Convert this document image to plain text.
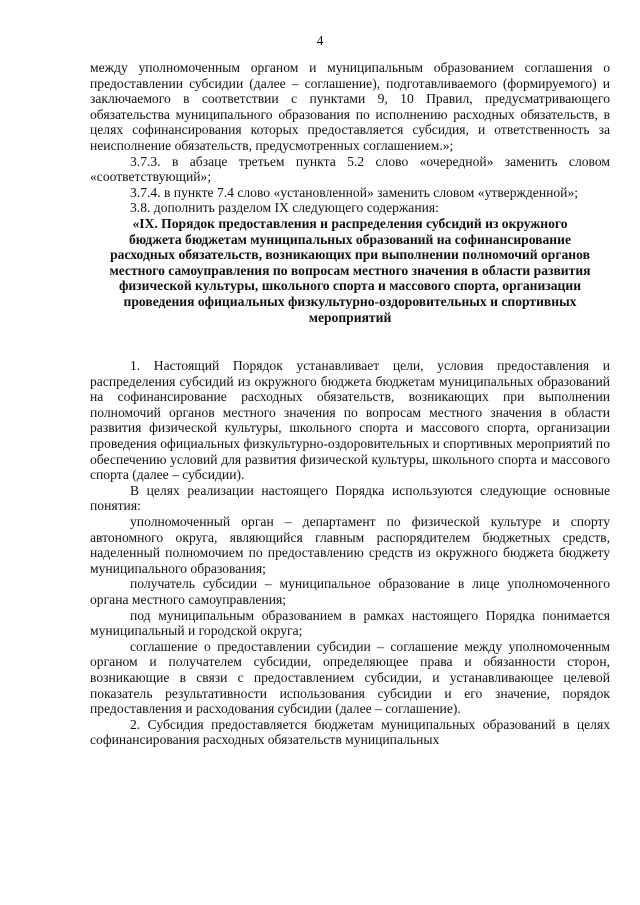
4

между уполномоченным органом и муниципальным образованием соглашения о предоставлении субсидии (далее – соглашение), подготавливаемого (формируемого) и заключаемого в соответствии с пунктами 9, 10 Правил, предусматривающего обязательства муниципального образования по исполнению расходных обязательств, в целях софинансирования которых предоставляется субсидия, и ответственность за неисполнение обязательств, предусмотренных соглашением.»;

3.7.3. в абзаце третьем пункта 5.2 слово «очередной» заменить словом «соответствующий»;

3.7.4. в пункте 7.4 слово «установленной» заменить словом «утвержденной»;

3.8. дополнить разделом IX следующего содержания:

«IX. Порядок предоставления и распределения субсидий из окружного бюджета бюджетам муниципальных образований на софинансирование расходных обязательств, возникающих при выполнении полномочий органов местного самоуправления по вопросам местного значения в области развития физической культуры, школьного спорта и массового спорта, организации проведения официальных физкультурно-оздоровительных и спортивных мероприятий

1. Настоящий Порядок устанавливает цели, условия предоставления и распределения субсидий из окружного бюджета бюджетам муниципальных образований на софинансирование расходных обязательств, возникающих при выполнении полномочий органов местного значения по вопросам местного значения в области развития физической культуры, школьного спорта и массового спорта, организации проведения официальных физкультурно-оздоровительных и спортивных мероприятий по обеспечению условий для развития физической культуры, школьного спорта и массового спорта (далее – субсидии).

В целях реализации настоящего Порядка используются следующие основные понятия:

уполномоченный орган – департамент по физической культуре и спорту автономного округа, являющийся главным распорядителем бюджетных средств, наделенный полномочием по предоставлению средств из окружного бюджета бюджету муниципального образования;

получатель субсидии – муниципальное образование в лице уполномоченного органа местного самоуправления;

под муниципальным образованием в рамках настоящего Порядка понимается муниципальный и городской округа;

соглашение о предоставлении субсидии – соглашение между уполномоченным органом и получателем субсидии, определяющее права и обязанности сторон, возникающие в связи с предоставлением субсидии, и устанавливающее целевой показатель результативности использования субсидии и его значение, порядок предоставления и расходования субсидии (далее – соглашение).

2. Субсидия предоставляется бюджетам муниципальных образований в целях софинансирования расходных обязательств муниципальных
